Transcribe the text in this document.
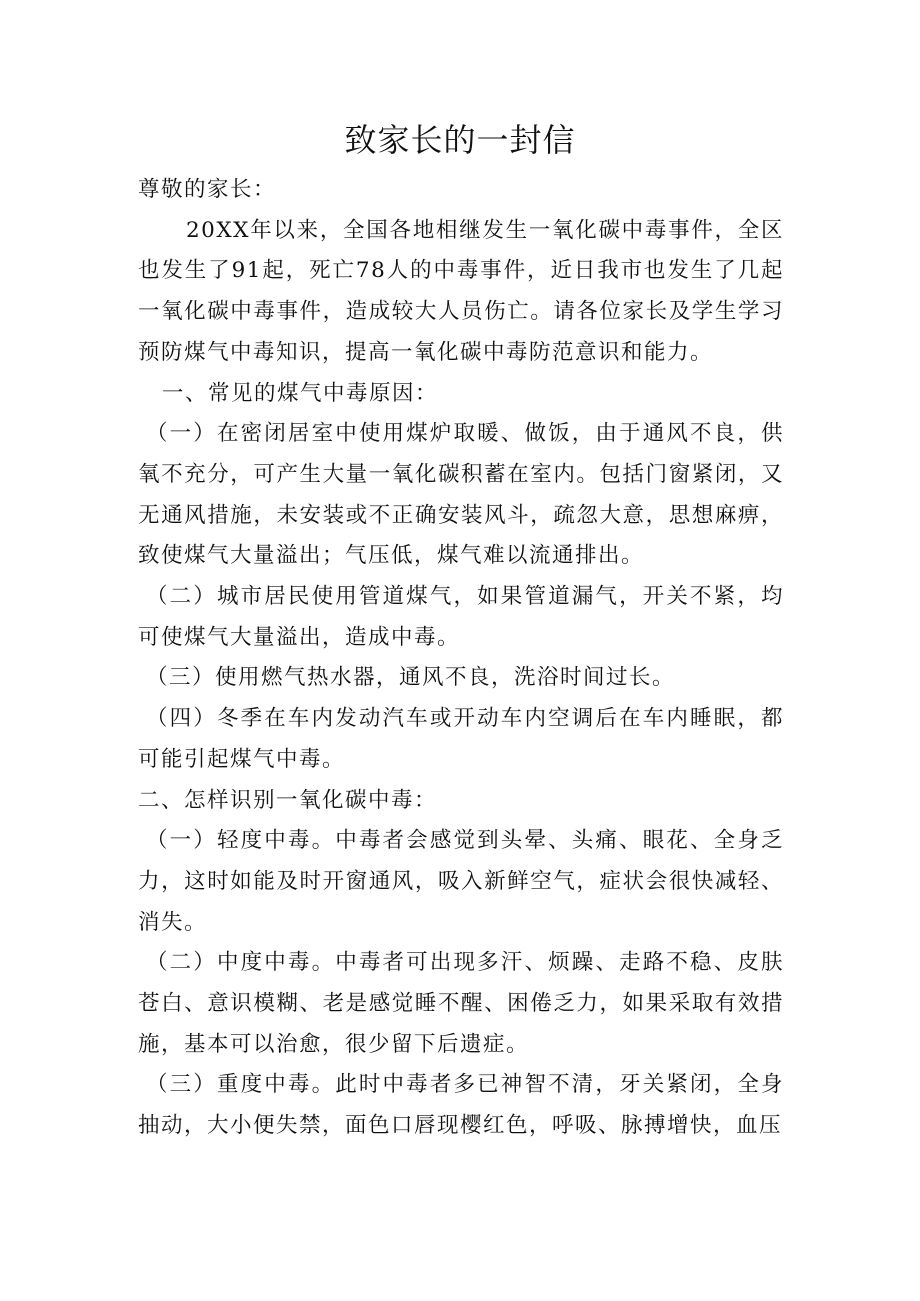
致家长的一封信

尊敬的家长：

20XX年以来，全国各地相继发生一氧化碳中毒事件，全区也发生了91起，死亡78人的中毒事件，近日我市也发生了几起一氧化碳中毒事件，造成较大人员伤亡。请各位家长及学生学习预防煤气中毒知识，提高一氧化碳中毒防范意识和能力。

一、常见的煤气中毒原因：

（一）在密闭居室中使用煤炉取暖、做饭，由于通风不良，供氧不充分，可产生大量一氧化碳积蓄在室内。包括门窗紧闭，又无通风措施，未安装或不正确安装风斗，疏忽大意，思想麻痹，致使煤气大量溢出；气压低，煤气难以流通排出。

（二）城市居民使用管道煤气，如果管道漏气，开关不紧，均可使煤气大量溢出，造成中毒。

（三）使用燃气热水器，通风不良，洗浴时间过长。

（四）冬季在车内发动汽车或开动车内空调后在车内睡眠，都可能引起煤气中毒。

二、怎样识别一氧化碳中毒：

（一）轻度中毒。中毒者会感觉到头晕、头痛、眼花、全身乏力，这时如能及时开窗通风，吸入新鲜空气，症状会很快减轻、消失。

（二）中度中毒。中毒者可出现多汗、烦躁、走路不稳、皮肤苍白、意识模糊、老是感觉睡不醒、困倦乏力，如果采取有效措施，基本可以治愈，很少留下后遗症。

（三）重度中毒。此时中毒者多已神智不清，牙关紧闭，全身抽动，大小便失禁，面色口唇现樱红色，呼吸、脉搏增快，血压
